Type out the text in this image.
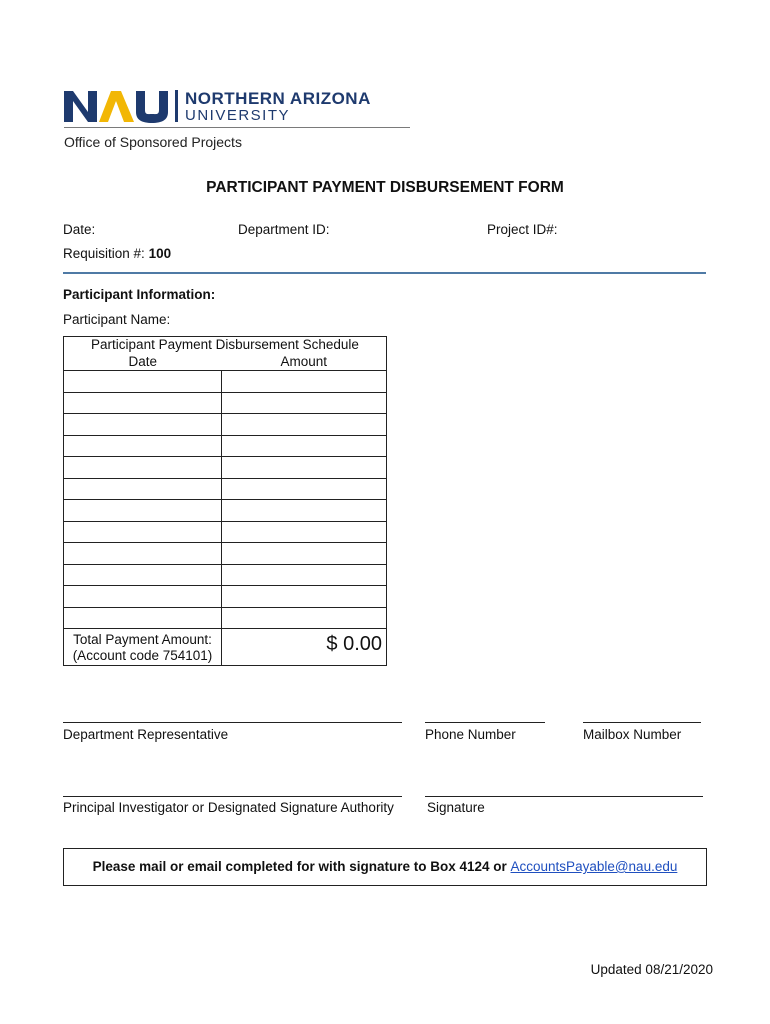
NORTHERN ARIZONA
UNIVERSITY
Office of Sponsored Projects
PARTICIPANT PAYMENT DISBURSEMENT FORM
Date:	Department ID:	Project ID#:
Requisition #: 100
Participant Information:
Participant Name:
Participant Payment Disbursement Schedule	
Date	Amount

Total Payment Amount:
(Account code 754101)	$ 0.00
Department Representative	Phone Number	Mailbox Number
Principal Investigator or Designated Signature Authority Signature
Please mail or email completed for with signature to Box 4124 or AccountsPayable@nau.edu
Updated 08/21/2020
